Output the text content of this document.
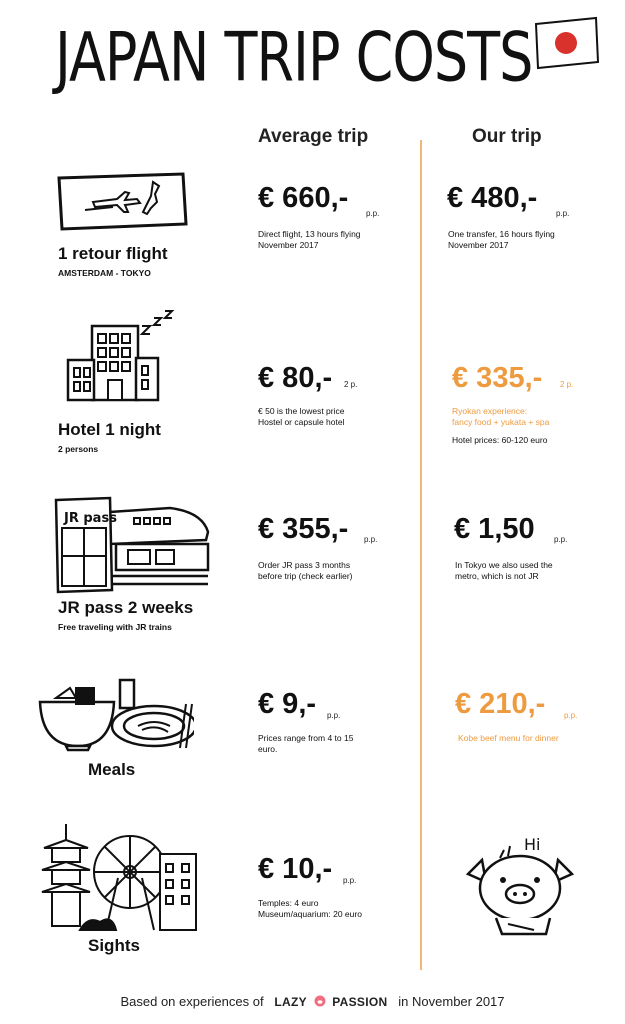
JAPAN TRIP COSTS
Average trip	Our trip
1 retour flight
AMSTERDAM - TOKYO
€ 660,- p.p.
Direct flight, 13 hours flying
November 2017
€ 480,- p.p.
One transfer, 16 hours flying
November 2017
Hotel 1 night
2 persons
€ 80,- 2 p.
€ 50 is the lowest price
Hostel or capsule hotel
€ 335,- 2 p.
Ryokan experience:
fancy food + yukata + spa
Hotel prices: 60-120 euro
JR pass
JR pass 2 weeks
Free traveling with JR trains
€ 355,- p.p.
Order JR pass 3 months
before trip (check earlier)
€ 1,50 p.p.
In Tokyo we also used the
metro, which is not JR
Meals
€ 9,- p.p.
Prices range from 4 to 15
euro.
€ 210,- p.p.
Kobe beef menu for dinner
Sights
€ 10,- p.p.
Temples: 4 euro
Museum/aquarium: 20 euro
Hi
Based on experiences of LAZY PASSION in November 2017
